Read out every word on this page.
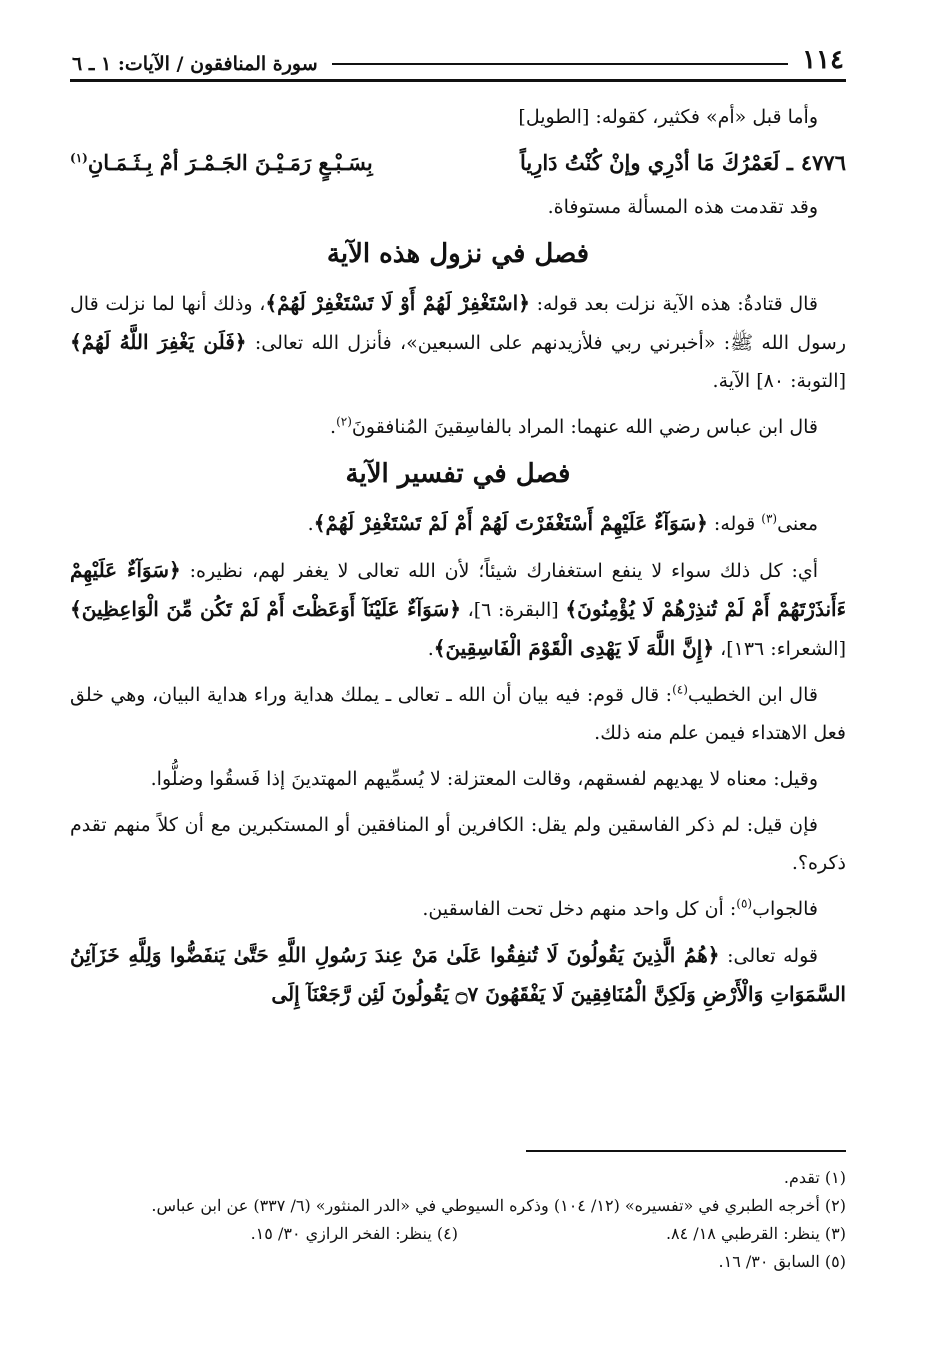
١١٤
سورة المنافقون / الآيات: ١ ـ ٦

وأما قبل «أم» فكثير، كقوله: [الطويل]

٤٧٧٦
ـ لَعَمْرُكَ مَا أدْرِي وإنْ كُنْتُ دَارِياً
بِسَـبْـعٍ رَمَـيْـنَ الجَـمْـرَ أمْ بِـثَـمَـانِ$^{(١)}$

وقد تقدمت هذه المسألة مستوفاة.

فصل في نزول هذه الآية

قال قتادةُ: هذه الآية نزلت بعد قوله: ﴿اسْتَغْفِرْ لَهُمْ أَوْ لَا تَسْتَغْفِرْ لَهُمْ﴾، وذلك أنها لما نزلت قال رسول الله ﷺ: «أخبرني ربي فلأزيدنهم على السبعين»، فأنزل الله تعالى: ﴿فَلَن يَغْفِرَ اللَّهُ لَهُمْ﴾ [التوبة: ٨٠] الآية.

قال ابن عباس رضي الله عنهما: المراد بالفاسِقينَ المُنافقونَ$^{(٢)}$.

فصل في تفسير الآية

معنى$^{(٣)}$ قوله: ﴿سَوَآءٌ عَلَيْهِمْ أَسْتَغْفَرْتَ لَهُمْ أَمْ لَمْ تَسْتَغْفِرْ لَهُمْ﴾.

أي: كل ذلك سواء لا ينفع استغفارك شيئاً؛ لأن الله تعالى لا يغفر لهم، نظيره: ﴿سَوَآءٌ عَلَيْهِمْ ءَأَنذَرْتَهُمْ أَمْ لَمْ تُنذِرْهُمْ لَا يُؤْمِنُونَ﴾ [البقرة: ٦]، ﴿سَوَآءٌ عَلَيْنَآ أَوَعَظْتَ أَمْ لَمْ تَكُن مِّنَ الْوَاعِظِينَ﴾ [الشعراء: ١٣٦]، ﴿إِنَّ اللَّهَ لَا يَهْدِى الْقَوْمَ الْفَاسِقِينَ﴾.

قال ابن الخطيب$^{(٤)}$: قال قوم: فيه بيان أن الله ـ تعالى ـ يملك هداية وراء هداية البيان، وهي خلق فعل الاهتداء فيمن علم منه ذلك.

وقيل: معناه لا يهديهم لفسقهم، وقالت المعتزلة: لا يُسمِّيهم المهتدينَ إذا فَسقُوا وضلُّوا.

فإن قيل: لم ذكر الفاسقين ولم يقل: الكافرين أو المنافقين أو المستكبرين مع أن كلاً منهم تقدم ذكره؟.

فالجواب$^{(٥)}$: أن كل واحد منهم دخل تحت الفاسقين.

قوله تعالى: ﴿هُمُ الَّذِينَ يَقُولُونَ لَا تُنفِقُوا عَلَىٰ مَنْ عِندَ رَسُولِ اللَّهِ حَتَّىٰ يَنفَضُّوا وَلِلَّهِ خَزَآئِنُ السَّمَوَاتِ وَالْأَرْضِ وَلَكِنَّ الْمُنَافِقِينَ لَا يَفْقَهُونَ ۝٧ يَقُولُونَ لَئِن رَّجَعْنَآ إِلَى

(١) تقدم.

(٢) أخرجه الطبري في «تفسيره» (١٢/ ١٠٤) وذكره السيوطي في «الدر المنثور» (٦/ ٣٣٧) عن ابن عباس.

(٣) ينظر: القرطبي ١٨/ ٨٤.

(٤) ينظر: الفخر الرازي ٣٠/ ١٥.

(٥) السابق ٣٠/ ١٦.
